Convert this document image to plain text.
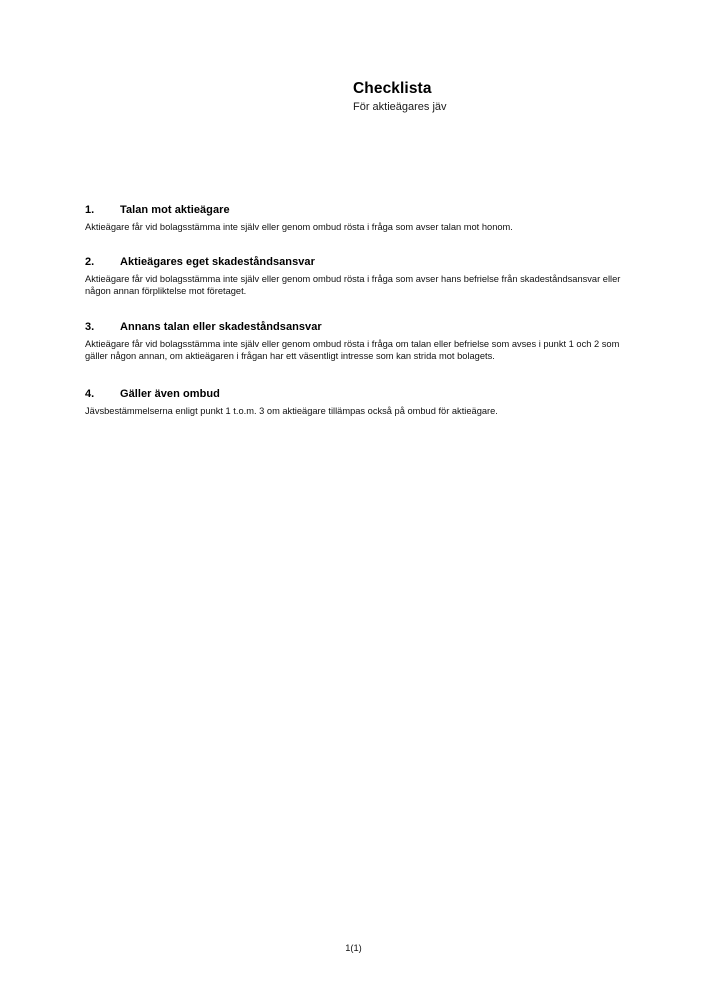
Checklista
För aktieägares jäv
1.	Talan mot aktieägare

Aktieägare får vid bolagsstämma inte själv eller genom ombud rösta i fråga som avser talan mot honom.

2.	Aktieägares eget skadeståndsansvar

Aktieägare får vid bolagsstämma inte själv eller genom ombud rösta i fråga som avser hans befrielse från skadeståndsansvar eller någon annan förpliktelse mot företaget.

3.	Annans talan eller skadeståndsansvar

Aktieägare får vid bolagsstämma inte själv eller genom ombud rösta i fråga om talan eller befrielse som avses i punkt 1 och 2 som gäller någon annan, om aktieägaren i frågan har ett väsentligt intresse som kan strida mot bolagets.

4.	Gäller även ombud

Jävsbestämmelserna enligt punkt 1 t.o.m. 3 om aktieägare tillämpas också på ombud för aktieägare.

1(1)
